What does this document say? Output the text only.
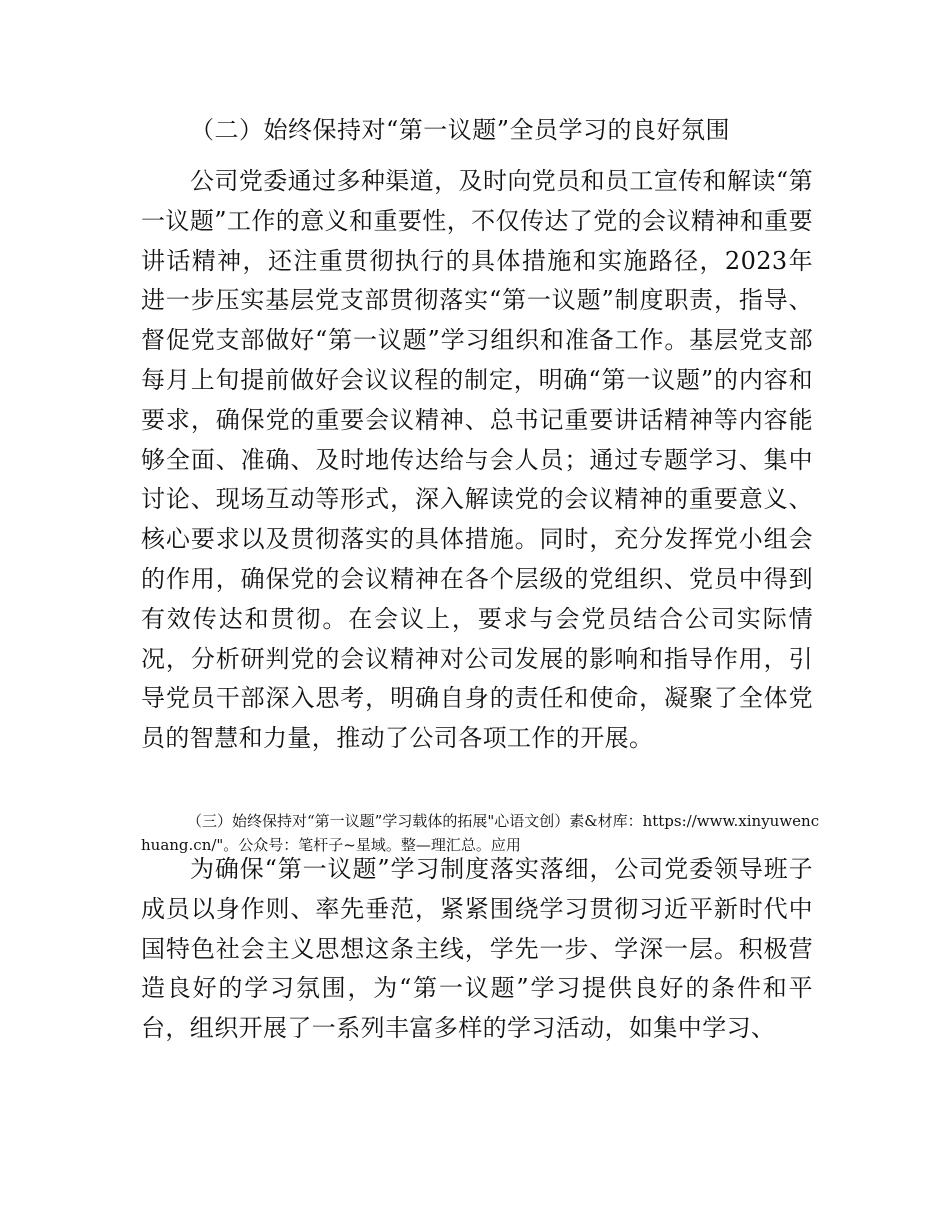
（二）始终保持对“第一议题”全员学习的良好氛围

公司党委通过多种渠道，及时向党员和员工宣传和解读“第一议题”工作的意义和重要性，不仅传达了党的会议精神和重要讲话精神，还注重贯彻执行的具体措施和实施路径，2023年进一步压实基层党支部贯彻落实“第一议题”制度职责，指导、督促党支部做好“第一议题”学习组织和准备工作。基层党支部每月上旬提前做好会议议程的制定，明确“第一议题”的内容和要求，确保党的重要会议精神、总书记重要讲话精神等内容能够全面、准确、及时地传达给与会人员；通过专题学习、集中讨论、现场互动等形式，深入解读党的会议精神的重要意义、核心要求以及贯彻落实的具体措施。同时，充分发挥党小组会的作用，确保党的会议精神在各个层级的党组织、党员中得到有效传达和贯彻。在会议上，要求与会党员结合公司实际情况，分析研判党的会议精神对公司发展的影响和指导作用，引导党员干部深入思考，明确自身的责任和使命，凝聚了全体党员的智慧和力量，推动了公司各项工作的开展。

（三）始终保持对“第一议题”学习载体的拓展"心语文创）素&材库：https://www.xinyuwenchuang.cn/"。公众号：笔杆子~星域。整—理汇总。应用

为确保“第一议题”学习制度落实落细，公司党委领导班子成员以身作则、率先垂范，紧紧围绕学习贯彻习近平新时代中国特色社会主义思想这条主线，学先一步、学深一层。积极营造良好的学习氛围，为“第一议题”学习提供良好的条件和平台，组织开展了一系列丰富多样的学习活动，如集中学习、
